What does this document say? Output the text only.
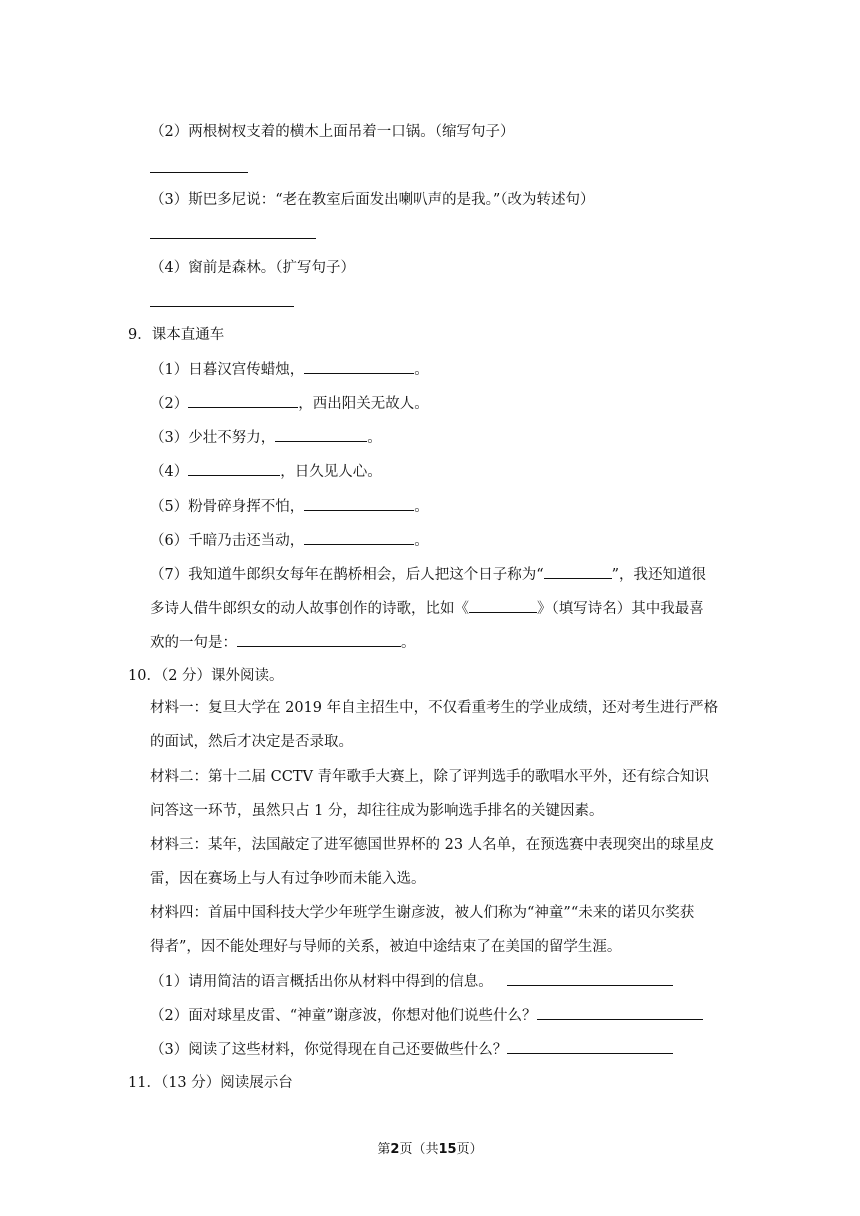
（2）两根树杈支着的横木上面吊着一口锅。（缩写句子）
（3）斯巴多尼说：“老在教室后面发出喇叭声的是我。”（改为转述句）
（4）窗前是森林。（扩写句子）
9．课本直通车
（1）日暮汉宫传蜡烛，	。
（2）	，西出阳关无故人。
（3）少壮不努力，	。
（4）	，日久见人心。
（5）粉骨碎身挥不怕，	。
（6）千暗乃击还当动，	。
（7）我知道牛郎织女每年在鹊桥相会，后人把这个日子称为“	”，我还知道很
多诗人借牛郎织女的动人故事创作的诗歌，比如《	》（填写诗名）其中我最喜
欢的一句是：	。
10．（2 分）课外阅读。
材料一：复旦大学在 2019 年自主招生中，不仅看重考生的学业成绩，还对考生进行严格
的面试，然后才决定是否录取。
材料二：第十二届 CCTV 青年歌手大赛上，除了评判选手的歌唱水平外，还有综合知识
问答这一环节，虽然只占 1 分，却往往成为影响选手排名的关键因素。
材料三：某年，法国敲定了进军德国世界杯的 23 人名单，在预选赛中表现突出的球星皮
雷，因在赛场上与人有过争吵而未能入选。
材料四：首届中国科技大学少年班学生谢彦波，被人们称为“神童”“未来的诺贝尔奖获
得者”，因不能处理好与导师的关系，被迫中途结束了在美国的留学生涯。
（1）请用简洁的语言概括出你从材料中得到的信息。
（2）面对球星皮雷、“神童”谢彦波，你想对他们说些什么？
（3）阅读了这些材料，你觉得现在自己还要做些什么？
11．（13 分）阅读展示台
第2页（共15页）
